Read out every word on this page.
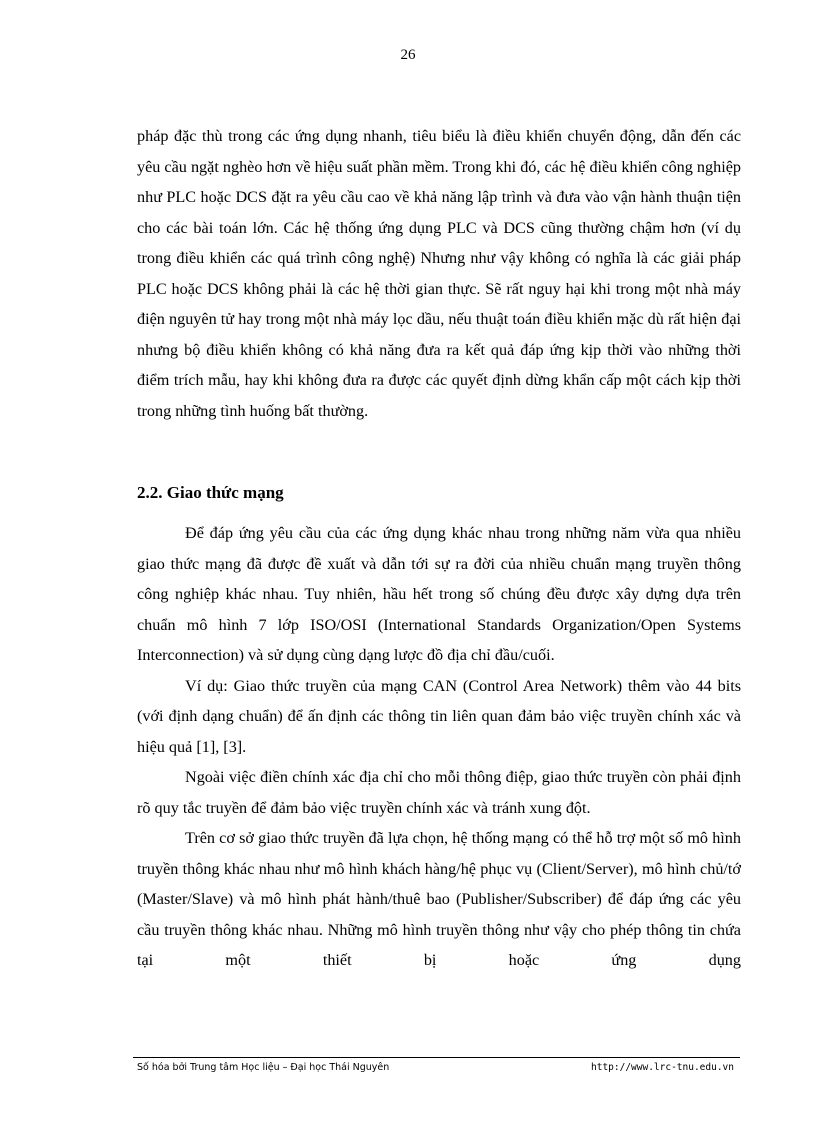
26

pháp đặc thù trong các ứng dụng nhanh, tiêu biểu là điều khiển chuyển động, dẫn đến các yêu cầu ngặt nghèo hơn về hiệu suất phần mềm. Trong khi đó, các hệ điều khiển công nghiệp như PLC hoặc DCS đặt ra yêu cầu cao về khả năng lập trình và đưa vào vận hành thuận tiện cho các bài toán lớn. Các hệ thống ứng dụng PLC và DCS cũng thường chậm hơn (ví dụ trong điều khiển các quá trình công nghệ) Nhưng như vậy không có nghĩa là các giải pháp PLC hoặc DCS không phải là các hệ thời gian thực. Sẽ rất nguy hại khi trong một nhà máy điện nguyên tử hay trong một nhà máy lọc dầu, nếu thuật toán điều khiển mặc dù rất hiện đại nhưng bộ điều khiển không có khả năng đưa ra kết quả đáp ứng kịp thời vào những thời điểm trích mẫu, hay khi không đưa ra được các quyết định dừng khẩn cấp một cách kịp thời trong những tình huống bất thường.

2.2. Giao thức mạng

Để đáp ứng yêu cầu của các ứng dụng khác nhau trong những năm vừa qua nhiều giao thức mạng đã được đề xuất và dẫn tới sự ra đời của nhiều chuẩn mạng truyền thông công nghiệp khác nhau. Tuy nhiên, hầu hết trong số chúng đều được xây dựng dựa trên chuẩn mô hình 7 lớp ISO/OSI (International Standards Organization/Open Systems Interconnection) và sử dụng cùng dạng lược đồ địa chỉ đầu/cuối.

Ví dụ: Giao thức truyền của mạng CAN (Control Area Network) thêm vào 44 bits (với định dạng chuẩn) để ấn định các thông tin liên quan đảm bảo việc truyền chính xác và hiệu quả [1], [3].

Ngoài việc điền chính xác địa chỉ cho mỗi thông điệp, giao thức truyền còn phải định rõ quy tắc truyền để đảm bảo việc truyền chính xác và tránh xung đột.

Trên cơ sở giao thức truyền đã lựa chọn, hệ thống mạng có thể hỗ trợ một số mô hình truyền thông khác nhau như mô hình khách hàng/hệ phục vụ (Client/Server), mô hình chủ/tớ (Master/Slave) và mô hình phát hành/thuê bao (Publisher/Subscriber) để đáp ứng các yêu cầu truyền thông khác nhau. Những mô hình truyền thông như vậy cho phép thông tin chứa tại một thiết bị hoặc ứng dụng

Số hóa bởi Trung tâm Học liệu – Đại học Thái Nguyên	http://www.lrc-tnu.edu.vn
